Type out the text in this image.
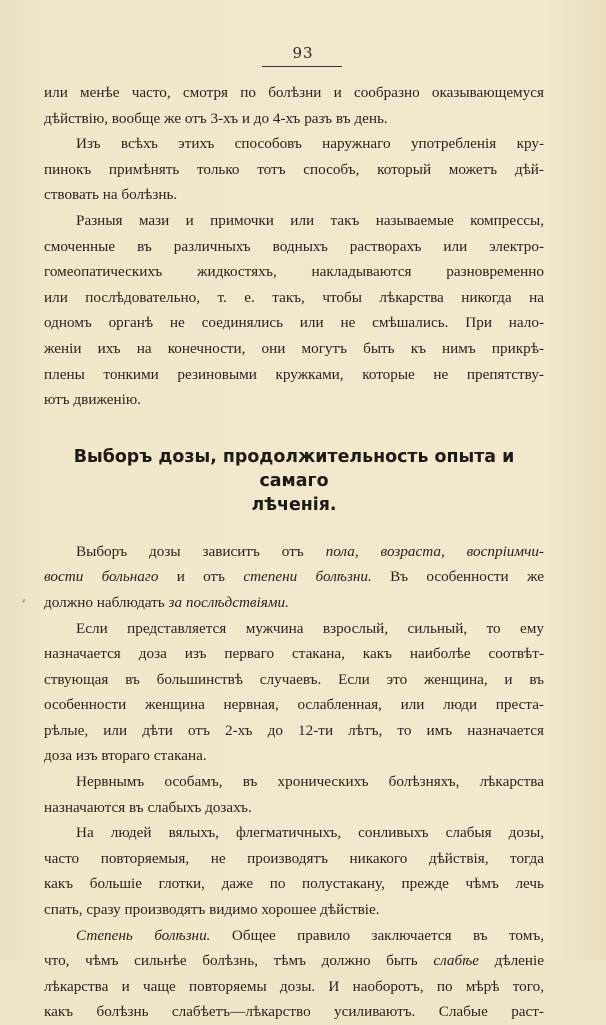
93
‚

или менѣе часто, смотря по болѣзни и сообразно оказывающемуся

дѣйствію, вообще же отъ 3-хъ и до 4-хъ разъ въ день.

Изъ всѣхъ этихъ способовъ наружнаго употребленія кру-

пинокъ примѣнять только тотъ способъ, который можетъ дѣй-

ствовать на болѣзнь.

Разныя мази и примочки или такъ называемые компрессы,

смоченные въ различныхъ водныхъ растворахъ или электро-

гомеопатическихъ жидкостяхъ, накладываются разновременно

или послѣдовательно, т. е. такъ, чтобы лѣкарства никогда на

одномъ органѣ не соединялись или не смѣшались. При нало-

женіи ихъ на конечности, они могутъ быть къ нимъ прикрѣ-

плены тонкими резиновыми кружками, которые не препятству-

ютъ движенію.

Выборъ дозы, продолжительность опыта и самаго
лѣченія.

Выборъ дозы зависитъ отъ пола, возраста, воспріимчи-

вости больнаго и отъ степени болѣзни. Въ особенности же

должно наблюдать за послѣдствіями.

Если представляется мужчина взрослый, сильный, то ему

назначается доза изъ перваго стакана, какъ наиболѣе соотвѣт-

ствующая въ большинствѣ случаевъ. Если это женщина, и въ

особенности женщина нервная, ослабленная, или люди преста-

рѣлые, или дѣти отъ 2-хъ до 12-ти лѣтъ, то имъ назначается

доза изъ втораго стакана.

Нервнымъ особамъ, въ хроническихъ болѣзняхъ, лѣкарства

назначаются въ слабыхъ дозахъ.

На людей вялыхъ, флегматичныхъ, сонливыхъ слабыя дозы,

часто повторяемыя, не производятъ никакого дѣйствія, тогда

какъ большіе глотки, даже по полустакану, прежде чѣмъ лечь

спать, сразу производятъ видимо хорошее дѣйствіе.

Степень болѣзни. Общее правило заключается въ томъ,

что, чѣмъ сильнѣе болѣзнь, тѣмъ должно быть слабѣе дѣленіе

лѣкарства и чаще повторяемы дозы. И наоборотъ, по мѣрѣ того,

какъ болѣзнь слабѣетъ—лѣкарство усиливаютъ. Слабые раст-
